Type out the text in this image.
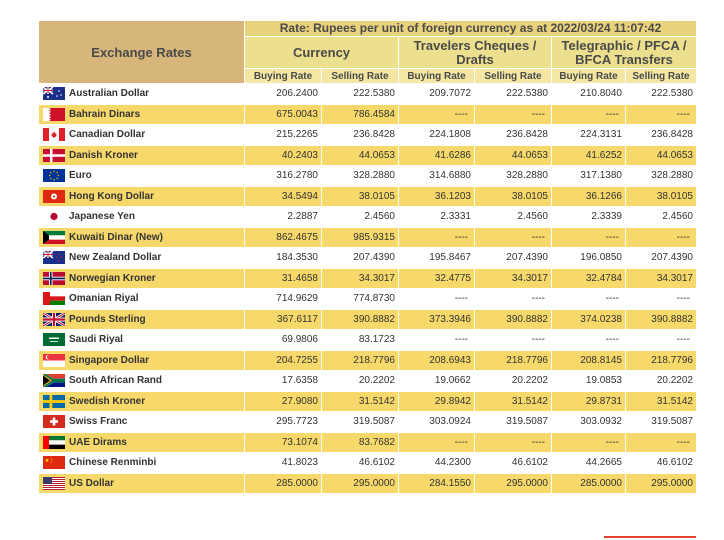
Exchange Rates	Rate: Rupees per unit of foreign currency as at 2022/03/24 11:07:42					
	Currency		Travelers Cheques / Drafts		Telegraphic / PFCA / BFCA Transfers	
	Buying Rate	Selling Rate	Buying Rate	Selling Rate	Buying Rate	Selling Rate

Australian Dollar	206.2400	222.5380	209.7072	222.5380	210.8040	222.5380

Bahrain Dinars	675.0043	786.4584	----	----	----	----

Canadian Dollar	215.2265	236.8428	224.1808	236.8428	224.3131	236.8428

Danish Kroner	40.2403	44.0653	41.6286	44.0653	41.6252	44.0653

Euro	316.2780	328.2880	314.6880	328.2880	317.1380	328.2880

Hong Kong Dollar	34.5494	38.0105	36.1203	38.0105	36.1266	38.0105

Japanese Yen	2.2887	2.4560	2.3331	2.4560	2.3339	2.4560

Kuwaiti Dinar (New)	862.4675	985.9315	----	----	----	----

New Zealand Dollar	184.3530	207.4390	195.8467	207.4390	196.0850	207.4390

Norwegian Kroner	31.4658	34.3017	32.4775	34.3017	32.4784	34.3017

Omanian Riyal	714.9629	774.8730	----	----	----	----

Pounds Sterling	367.6117	390.8882	373.3946	390.8882	374.0238	390.8882

Saudi Riyal	69.9806	83.1723	----	----	----	----

Singapore Dollar	204.7255	218.7796	208.6943	218.7796	208.8145	218.7796

South African Rand	17.6358	20.2202	19.0662	20.2202	19.0853	20.2202

Swedish Kroner	27.9080	31.5142	29.8942	31.5142	29.8731	31.5142

Swiss Franc	295.7723	319.5087	303.0924	319.5087	303.0932	319.5087

UAE Dirams	73.1074	83.7682	----	----	----	----

Chinese Renminbi	41.8023	46.6102	44.2300	46.6102	44.2665	46.6102

US Dollar	285.0000	295.0000	284.1550	295.0000	285.0000	295.0000
